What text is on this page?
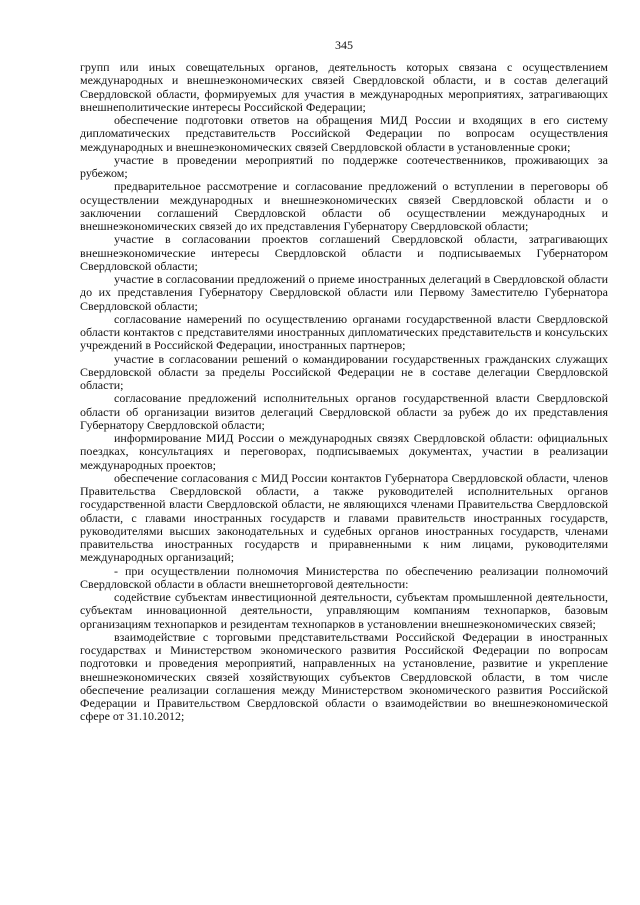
345

групп или иных совещательных органов, деятельность которых связана с осуществлением международных и внешнеэкономических связей Свердловской области, и в состав делегаций Свердловской области, формируемых для участия в международных мероприятиях, затрагивающих внешнеполитические интересы Российской Федерации;

обеспечение подготовки ответов на обращения МИД России и входящих в его систему дипломатических представительств Российской Федерации по вопросам осуществления международных и внешнеэкономических связей Свердловской области в установленные сроки;

участие в проведении мероприятий по поддержке соотечественников, проживающих за рубежом;

предварительное рассмотрение и согласование предложений о вступлении в переговоры об осуществлении международных и внешнеэкономических связей Свердловской области и о заключении соглашений Свердловской области об осуществлении международных и внешнеэкономических связей до их представления Губернатору Свердловской области;

участие в согласовании проектов соглашений Свердловской области, затрагивающих внешнеэкономические интересы Свердловской области и подписываемых Губернатором Свердловской области;

участие в согласовании предложений о приеме иностранных делегаций в Свердловской области до их представления Губернатору Свердловской области или Первому Заместителю Губернатора Свердловской области;

согласование намерений по осуществлению органами государственной власти Свердловской области контактов с представителями иностранных дипломатических представительств и консульских учреждений в Российской Федерации, иностранных партнеров;

участие в согласовании решений о командировании государственных гражданских служащих Свердловской области за пределы Российской Федерации не в составе делегации Свердловской области;

согласование предложений исполнительных органов государственной власти Свердловской области об организации визитов делегаций Свердловской области за рубеж до их представления Губернатору Свердловской области;

информирование МИД России о международных связях Свердловской области: официальных поездках, консультациях и переговорах, подписываемых документах, участии в реализации международных проектов;

обеспечение согласования с МИД России контактов Губернатора Свердловской области, членов Правительства Свердловской области, а также руководителей исполнительных органов государственной власти Свердловской области, не являющихся членами Правительства Свердловской области, с главами иностранных государств и главами правительств иностранных государств, руководителями высших законодательных и судебных органов иностранных государств, членами правительства иностранных государств и приравненными к ним лицами, руководителями международных организаций;

- при осуществлении полномочия Министерства по обеспечению реализации полномочий Свердловской области в области внешнеторговой деятельности:

содействие субъектам инвестиционной деятельности, субъектам промышленной деятельности, субъектам инновационной деятельности, управляющим компаниям технопарков, базовым организациям технопарков и резидентам технопарков в установлении внешнеэкономических связей;

взаимодействие с торговыми представительствами Российской Федерации в иностранных государствах и Министерством экономического развития Российской Федерации по вопросам подготовки и проведения мероприятий, направленных на установление, развитие и укрепление внешнеэкономических связей хозяйствующих субъектов Свердловской области, в том числе обеспечение реализации соглашения между Министерством экономического развития Российской Федерации и Правительством Свердловской области о взаимодействии во внешнеэкономической сфере от 31.10.2012;
